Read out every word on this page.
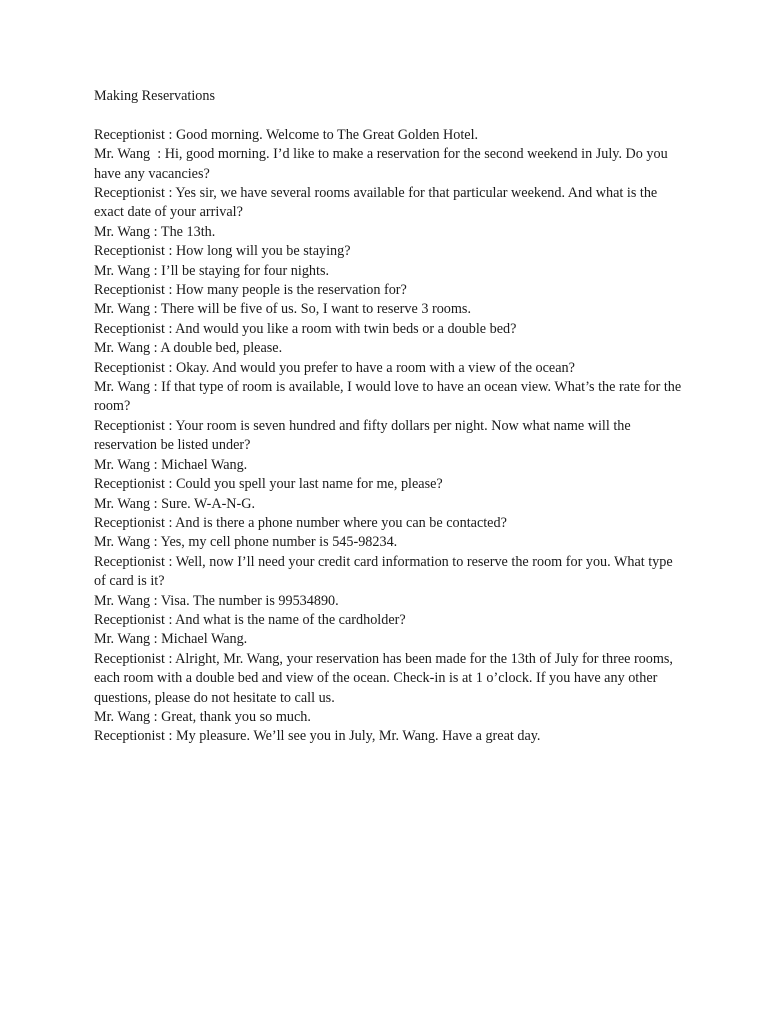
Making Reservations

Receptionist : Good morning. Welcome to The Great Golden Hotel.

Mr. Wang  : Hi, good morning. I’d like to make a reservation for the second weekend in July. Do you have any vacancies?

Receptionist : Yes sir, we have several rooms available for that particular weekend. And what is the exact date of your arrival?

Mr. Wang : The 13th.

Receptionist : How long will you be staying?

Mr. Wang : I’ll be staying for four nights.

Receptionist : How many people is the reservation for?

Mr. Wang : There will be five of us. So, I want to reserve 3 rooms.

Receptionist : And would you like a room with twin beds or a double bed?

Mr. Wang : A double bed, please.

Receptionist : Okay. And would you prefer to have a room with a view of the ocean?

Mr. Wang : If that type of room is available, I would love to have an ocean view. What’s the rate for the room?

Receptionist : Your room is seven hundred and fifty dollars per night. Now what name will the reservation be listed under?

Mr. Wang : Michael Wang.

Receptionist : Could you spell your last name for me, please?

Mr. Wang : Sure. W-A-N-G.

Receptionist : And is there a phone number where you can be contacted?

Mr. Wang : Yes, my cell phone number is 545-98234.

Receptionist : Well, now I’ll need your credit card information to reserve the room for you. What type of card is it?

Mr. Wang : Visa. The number is 99534890.

Receptionist : And what is the name of the cardholder?

Mr. Wang : Michael Wang.

Receptionist : Alright, Mr. Wang, your reservation has been made for the 13th of July for three rooms, each room with a double bed and view of the ocean. Check-in is at 1 o’clock. If you have any other questions, please do not hesitate to call us.

Mr. Wang : Great, thank you so much.

Receptionist : My pleasure. We’ll see you in July, Mr. Wang. Have a great day.
